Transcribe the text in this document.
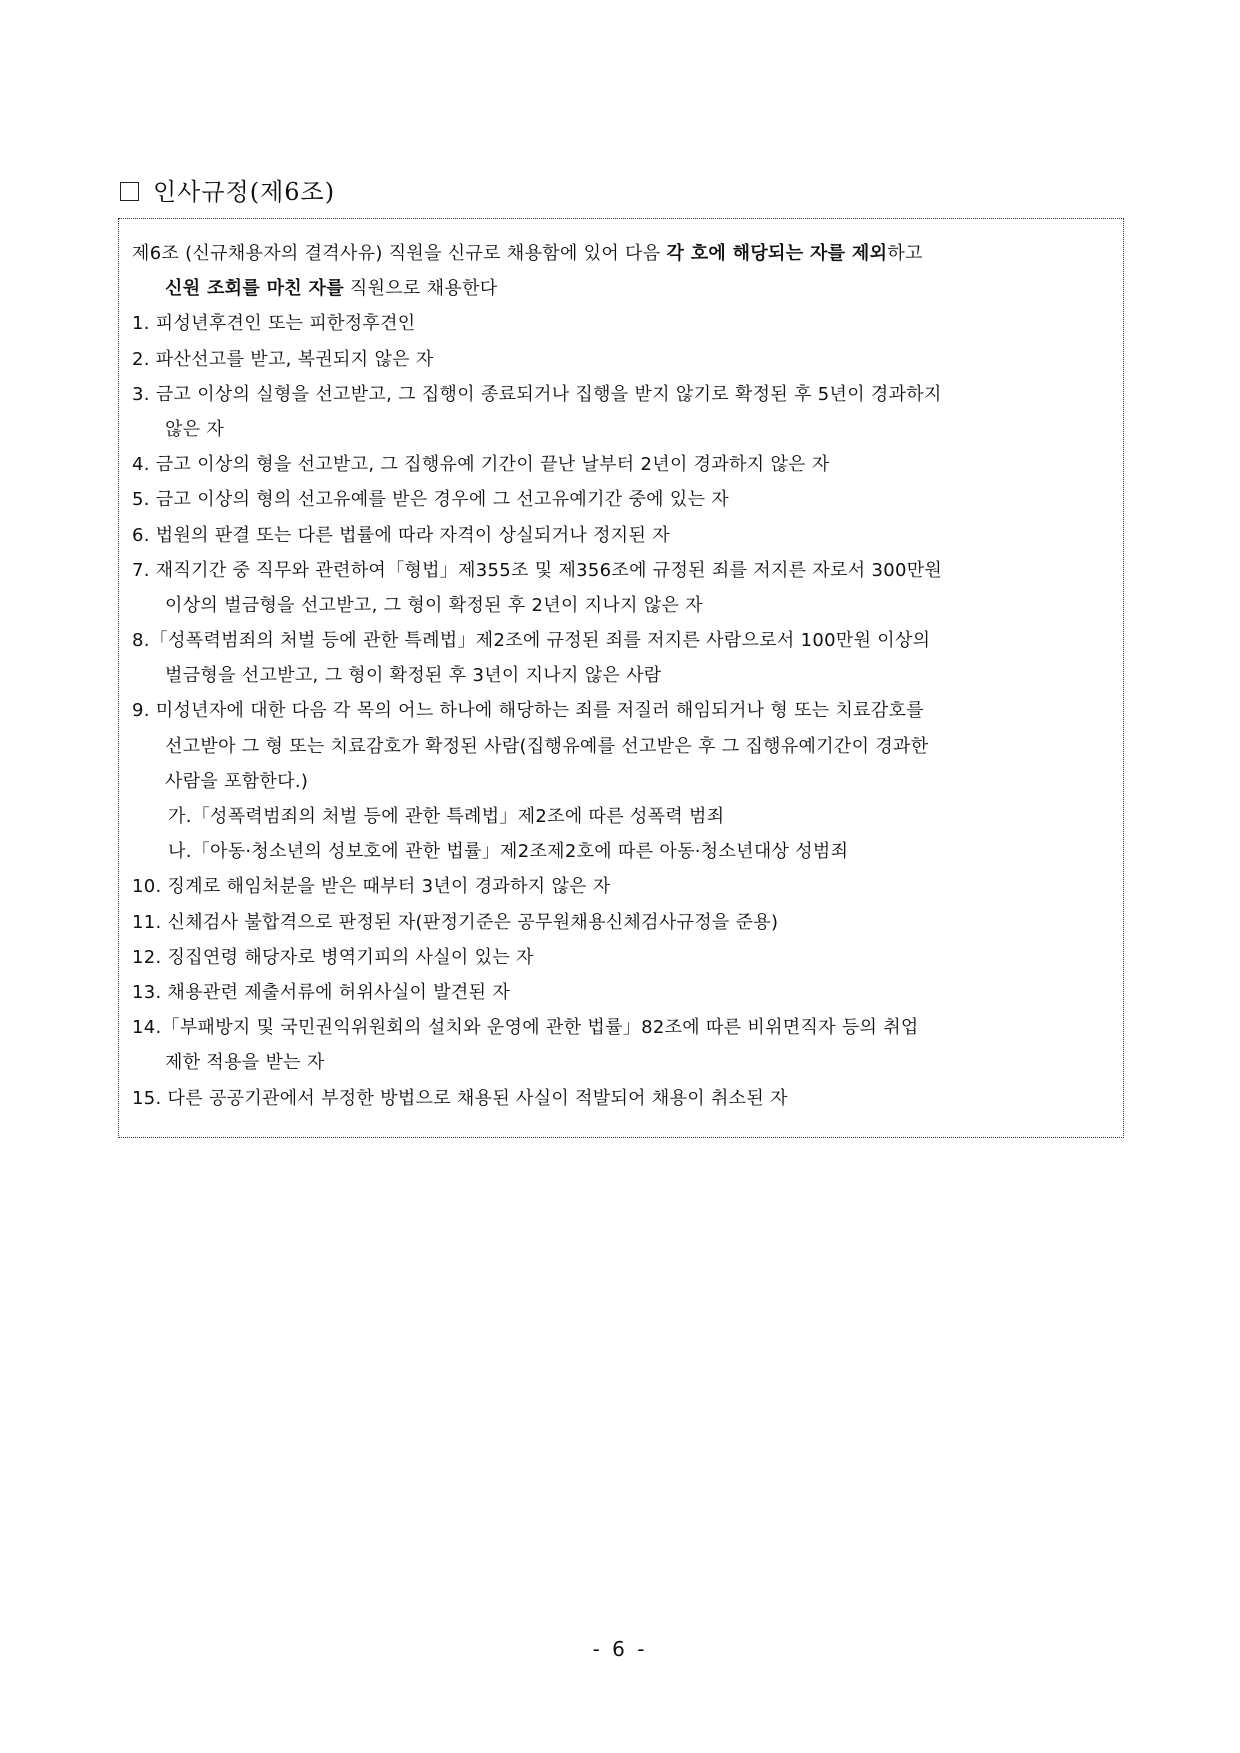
인사규정(제6조)
제6조 (신규채용자의 결격사유) 직원을 신규로 채용함에 있어 다음 각 호에 해당되는 자를 제외하고
신원 조회를 마친 자를 직원으로 채용한다
1. 피성년후견인 또는 피한정후견인
2. 파산선고를 받고, 복권되지 않은 자
3. 금고 이상의 실형을 선고받고, 그 집행이 종료되거나 집행을 받지 않기로 확정된 후 5년이 경과하지
않은 자
4. 금고 이상의 형을 선고받고, 그 집행유예 기간이 끝난 날부터 2년이 경과하지 않은 자
5. 금고 이상의 형의 선고유예를 받은 경우에 그 선고유예기간 중에 있는 자
6. 법원의 판결 또는 다른 법률에 따라 자격이 상실되거나 정지된 자
7. 재직기간 중 직무와 관련하여「형법」제355조 및 제356조에 규정된 죄를 저지른 자로서 300만원
이상의 벌금형을 선고받고, 그 형이 확정된 후 2년이 지나지 않은 자
8.「성폭력범죄의 처벌 등에 관한 특례법」제2조에 규정된 죄를 저지른 사람으로서 100만원 이상의
벌금형을 선고받고, 그 형이 확정된 후 3년이 지나지 않은 사람
9. 미성년자에 대한 다음 각 목의 어느 하나에 해당하는 죄를 저질러 해임되거나 형 또는 치료감호를
선고받아 그 형 또는 치료감호가 확정된 사람(집행유예를 선고받은 후 그 집행유예기간이 경과한
사람을 포함한다.)
가.「성폭력범죄의 처벌 등에 관한 특례법」제2조에 따른 성폭력 범죄
나.「아동·청소년의 성보호에 관한 법률」제2조제2호에 따른 아동·청소년대상 성범죄
10. 징계로 해임처분을 받은 때부터 3년이 경과하지 않은 자
11. 신체검사 불합격으로 판정된 자(판정기준은 공무원채용신체검사규정을 준용)
12. 징집연령 해당자로 병역기피의 사실이 있는 자
13. 채용관련 제출서류에 허위사실이 발견된 자
14.「부패방지 및 국민권익위원회의 설치와 운영에 관한 법률」82조에 따른 비위면직자 등의 취업
제한 적용을 받는 자
15. 다른 공공기관에서 부정한 방법으로 채용된 사실이 적발되어 채용이 취소된 자
- 6 -
